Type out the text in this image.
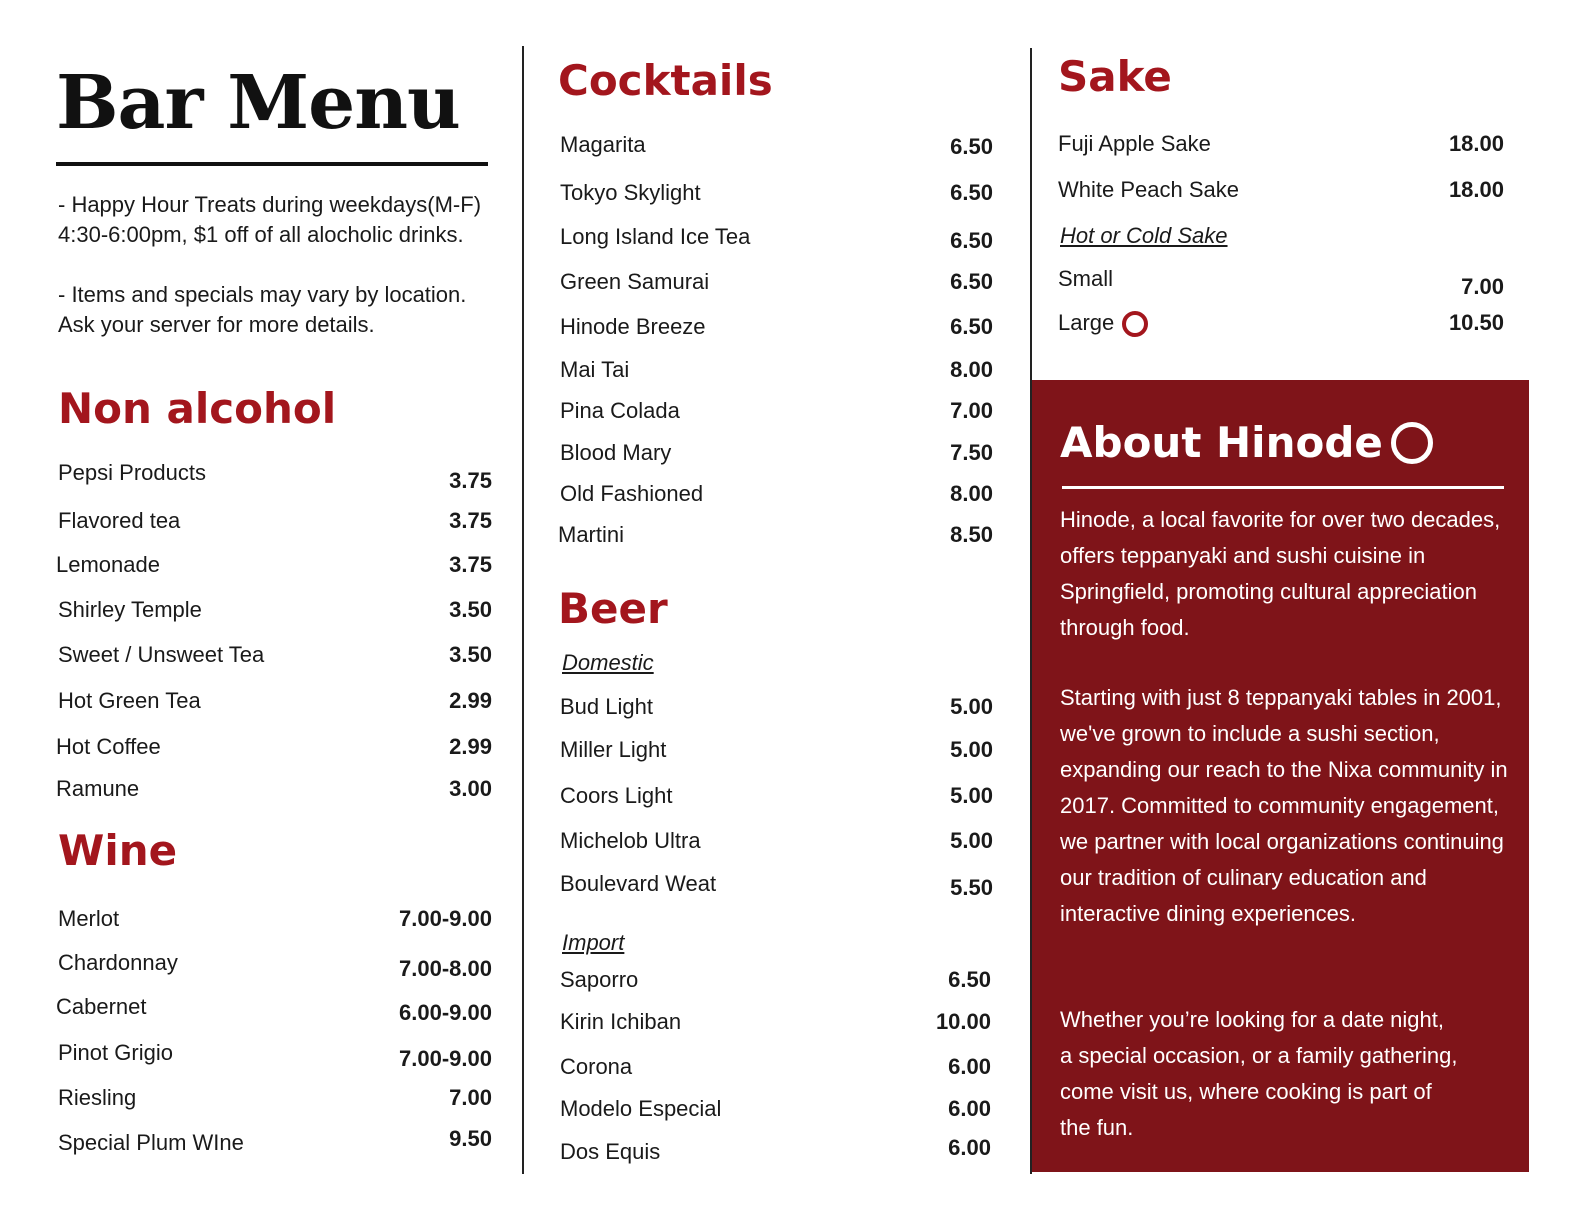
Bar Menu

- Happy Hour Treats during weekdays(M-F) 4:30-6:00pm, $1 off of all alocholic drinks.

- Items and specials may vary by location. Ask your server for more details.

Non alcohol
Pepsi Products	3.75
Flavored tea	3.75
Lemonade	3.75
Shirley Temple	3.50
Sweet / Unsweet Tea	3.50
Hot Green Tea	2.99
Hot Coffee	2.99
Ramune	3.00
Wine
Merlot	7.00-9.00
Chardonnay	7.00-8.00
Cabernet	6.00-9.00
Pinot Grigio	7.00-9.00
Riesling	7.00
Special Plum WIne	9.50
Cocktails
Magarita	6.50
Tokyo Skylight	6.50
Long Island Ice Tea	6.50
Green Samurai	6.50
Hinode Breeze	6.50
Mai Tai	8.00
Pina Colada	7.00
Blood Mary	7.50
Old Fashioned	8.00
Martini	8.50
Beer
Domestic
Bud Light	5.00
Miller Light	5.00
Coors Light	5.00
Michelob Ultra	5.00
Boulevard Weat	5.50
Import
Saporro	6.50
Kirin Ichiban	10.00
Corona	6.00
Modelo Especial	6.00
Dos Equis	6.00
Sake
Fuji Apple Sake	18.00
White Peach Sake	18.00
Hot or Cold Sake
Small	7.00
Large	10.50
About Hinode

Hinode, a local favorite for over two decades, offers teppanyaki and sushi cuisine in Springfield, promoting cultural appreciation through food.

Starting with just 8 teppanyaki tables in 2001, we've grown to include a sushi section, expanding our reach to the Nixa community in 2017. Committed to community engagement, we partner with local organizations continuing our tradition of culinary education and interactive dining experiences.

Whether you’re looking for a date night, a special occasion, or a family gathering, come visit us, where cooking is part of the fun.
